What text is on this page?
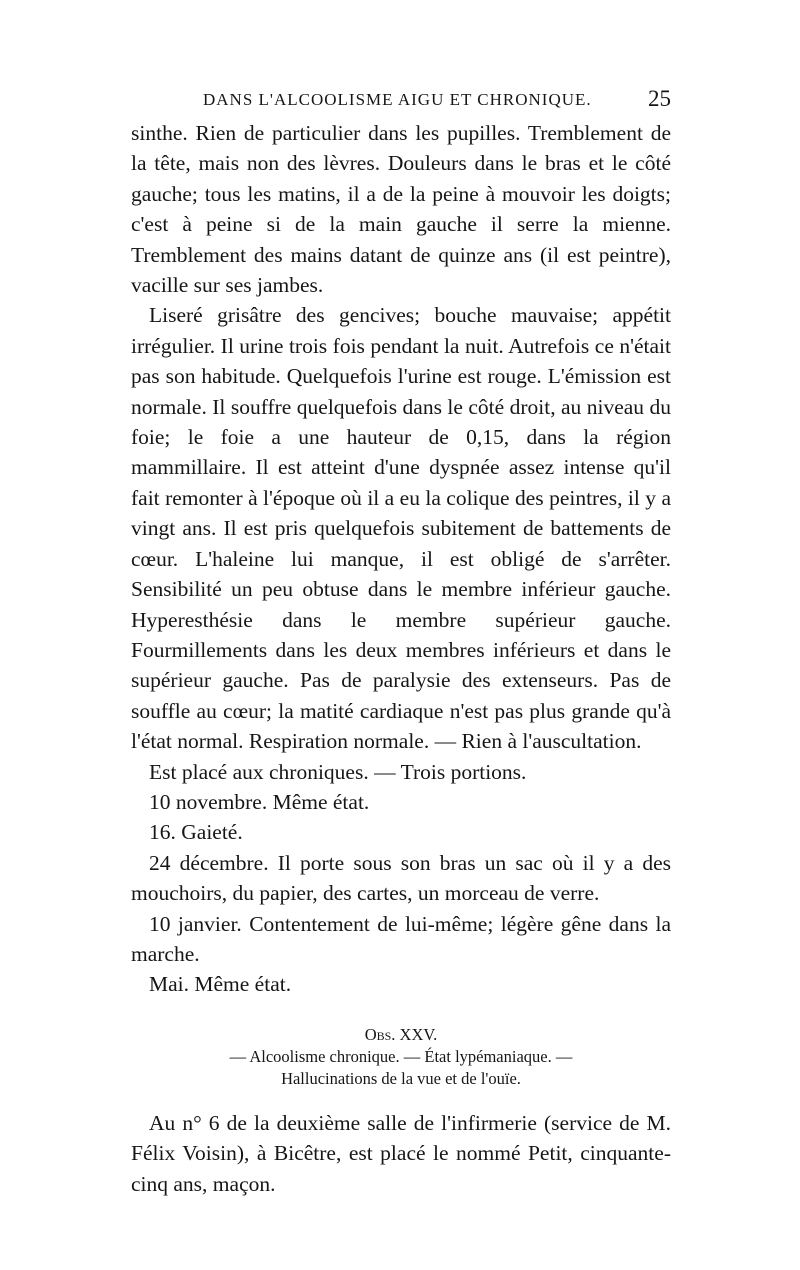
DANS L'ALCOOLISME AIGU ET CHRONIQUE. 25

sinthe. Rien de particulier dans les pupilles. Tremblement de la tête, mais non des lèvres. Douleurs dans le bras et le côté gauche; tous les matins, il a de la peine à mouvoir les doigts; c'est à peine si de la main gauche il serre la mienne. Tremblement des mains datant de quinze ans (il est peintre), vacille sur ses jambes.

Liseré grisâtre des gencives; bouche mauvaise; appétit irrégulier. Il urine trois fois pendant la nuit. Autrefois ce n'était pas son habitude. Quelquefois l'urine est rouge. L'émission est normale. Il souffre quelquefois dans le côté droit, au niveau du foie; le foie a une hauteur de 0,15, dans la région mammillaire. Il est atteint d'une dyspnée assez intense qu'il fait remonter à l'époque où il a eu la colique des peintres, il y a vingt ans. Il est pris quelquefois subitement de battements de cœur. L'haleine lui manque, il est obligé de s'arrêter. Sensibilité un peu obtuse dans le membre inférieur gauche. Hyperesthésie dans le membre supérieur gauche. Fourmillements dans les deux membres inférieurs et dans le supérieur gauche. Pas de paralysie des extenseurs. Pas de souffle au cœur; la matité cardiaque n'est pas plus grande qu'à l'état normal. Respiration normale. — Rien à l'auscultation.

Est placé aux chroniques. — Trois portions.

10 novembre. Même état.

16. Gaieté.

24 décembre. Il porte sous son bras un sac où il y a des mouchoirs, du papier, des cartes, un morceau de verre.

10 janvier. Contentement de lui-même; légère gêne dans la marche.

Mai. Même état.

Obs. XXV.
— Alcoolisme chronique. — État lypémaniaque. —
Hallucinations de la vue et de l'ouïe.

Au n° 6 de la deuxième salle de l'infirmerie (service de M. Félix Voisin), à Bicêtre, est placé le nommé Petit, cinquante-cinq ans, maçon.
